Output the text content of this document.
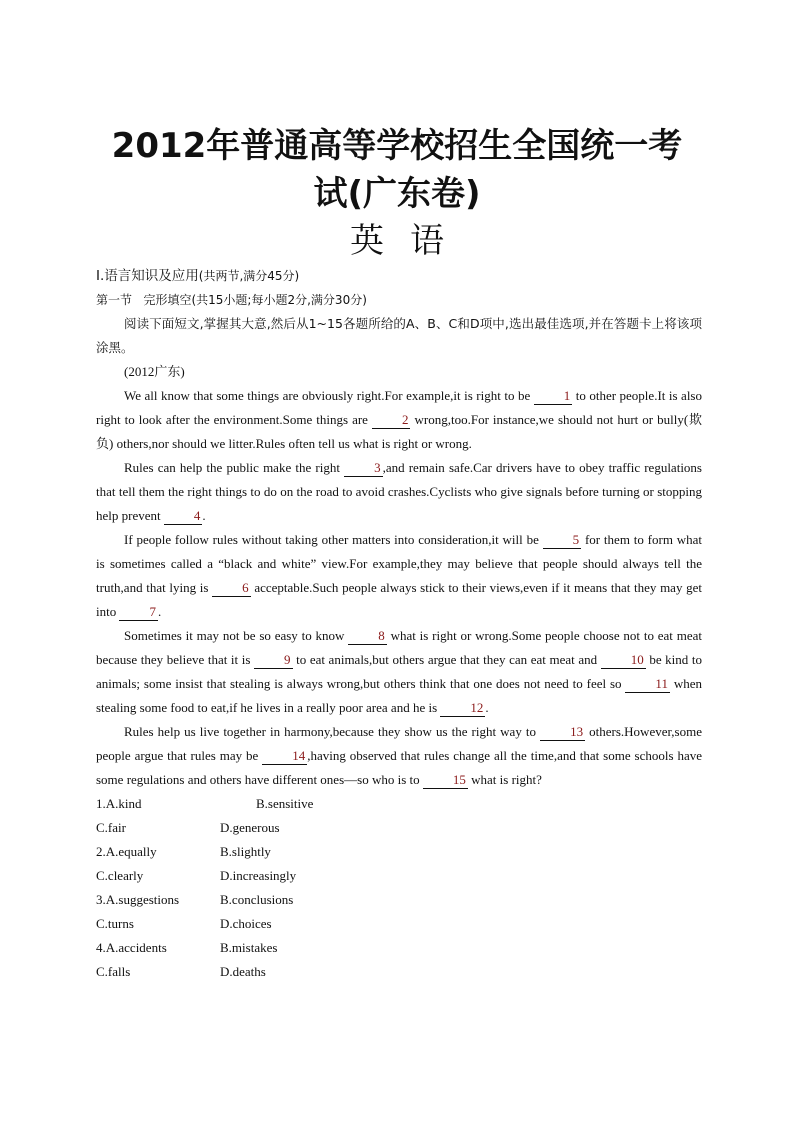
2012年普通高等学校招生全国统一考
试(广东卷)
英语
Ⅰ.语言知识及应用(共两节,满分45分)
第一节 完形填空(共15小题;每小题2分,满分30分)

阅读下面短文,掌握其大意,然后从1~15各题所给的A、B、C和D项中,选出最佳选项,并在答题卡上将该项涂黑。

(2012广东)

We all know that some things are obviously right.For example,it is right to be 1 to other people.It is also right to look after the environment.Some things are 2 wrong,too.For instance,we should not hurt or bully(欺负) others,nor should we litter.Rules often tell us what is right or wrong.

Rules can help the public make the right 3 ,and remain safe.Car drivers have to obey traffic regulations that tell them the right things to do on the road to avoid crashes.Cyclists who give signals before turning or stopping help prevent 4 .

If people follow rules without taking other matters into consideration,it will be 5 for them to form what is sometimes called a “black and white” view.For example,they may believe that people should always tell the truth,and that lying is 6 acceptable.Such people always stick to their views,even if it means that they may get into 7 .

Sometimes it may not be so easy to know 8 what is right or wrong.Some people choose not to eat meat because they believe that it is 9 to eat animals,but others argue that they can eat meat and 10 be kind to animals; some insist that stealing is always wrong,but others think that one does not need to feel so 11 when stealing some food to eat,if he lives in a really poor area and he is 12 .

Rules help us live together in harmony,because they show us the right way to 13 others.However,some people argue that rules may be 14 ,having observed that rules change all the time,and that some schools have some regulations and others have different ones—so who is to 15 what is right?

1.A.kind	B.sensitive
C.fair	D.generous
2.A.equally	B.slightly
C.clearly	D.increasingly
3.A.suggestions	B.conclusions
C.turns	D.choices
4.A.accidents	B.mistakes
C.falls	D.deaths
